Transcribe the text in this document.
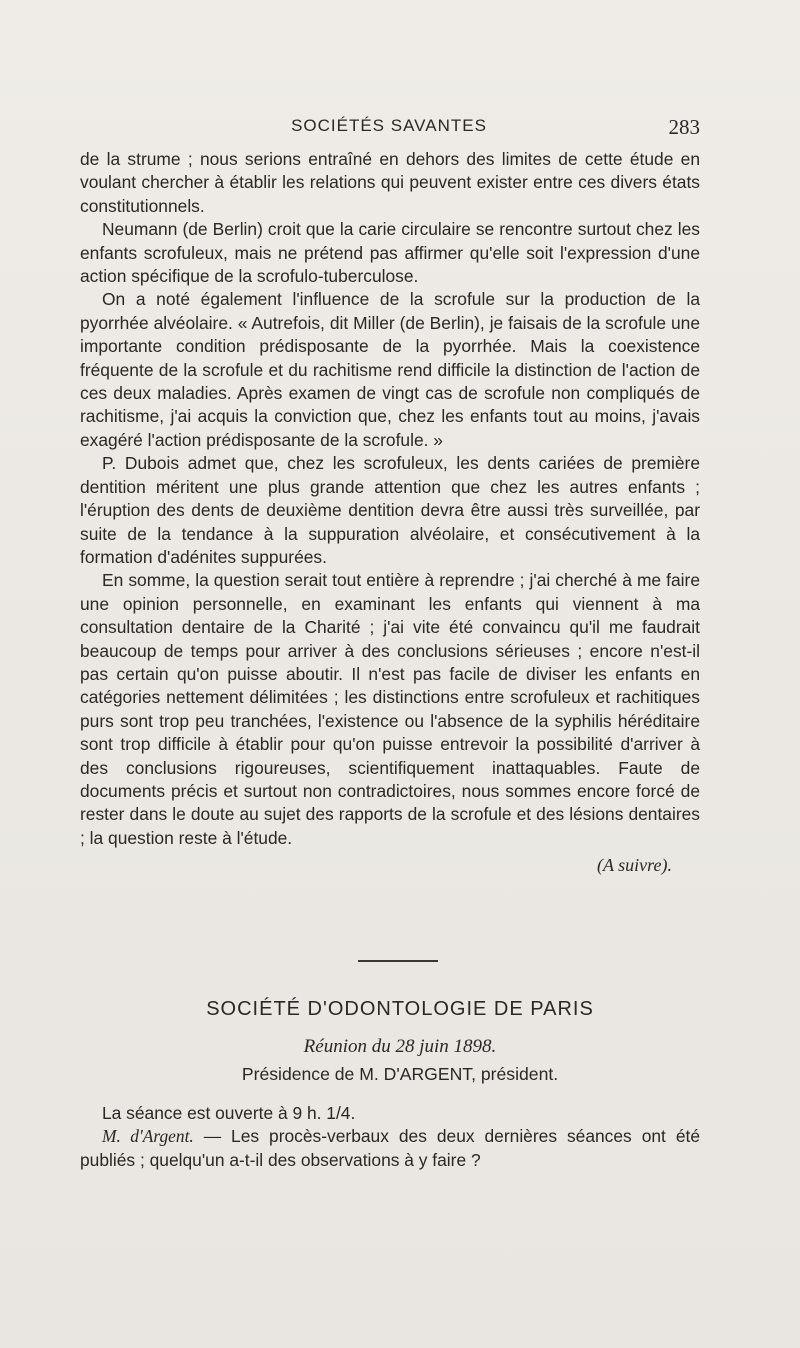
SOCIÉTÉS SAVANTES	283

de la strume ; nous serions entraîné en dehors des limites de cette étude en voulant chercher à établir les relations qui peuvent exister entre ces divers états constitutionnels.

Neumann (de Berlin) croit que la carie circulaire se rencontre surtout chez les enfants scrofuleux, mais ne prétend pas affirmer qu'elle soit l'expression d'une action spécifique de la scrofulo-tuberculose.

On a noté également l'influence de la scrofule sur la production de la pyorrhée alvéolaire. « Autrefois, dit Miller (de Berlin), je faisais de la scrofule une importante condition prédisposante de la pyorrhée. Mais la coexistence fréquente de la scrofule et du rachitisme rend difficile la distinction de l'action de ces deux maladies. Après examen de vingt cas de scrofule non compliqués de rachitisme, j'ai acquis la conviction que, chez les enfants tout au moins, j'avais exagéré l'action prédisposante de la scrofule. »

P. Dubois admet que, chez les scrofuleux, les dents cariées de première dentition méritent une plus grande attention que chez les autres enfants ; l'éruption des dents de deuxième dentition devra être aussi très surveillée, par suite de la tendance à la suppuration alvéolaire, et consécutivement à la formation d'adénites suppurées.

En somme, la question serait tout entière à reprendre ; j'ai cherché à me faire une opinion personnelle, en examinant les enfants qui viennent à ma consultation dentaire de la Charité ; j'ai vite été convaincu qu'il me faudrait beaucoup de temps pour arriver à des conclusions sérieuses ; encore n'est-il pas certain qu'on puisse aboutir. Il n'est pas facile de diviser les enfants en catégories nettement délimitées ; les distinctions entre scrofuleux et rachitiques purs sont trop peu tranchées, l'existence ou l'absence de la syphilis héréditaire sont trop difficile à établir pour qu'on puisse entrevoir la possibilité d'arriver à des conclusions rigoureuses, scientifiquement inattaquables. Faute de documents précis et surtout non contradictoires, nous sommes encore forcé de rester dans le doute au sujet des rapports de la scrofule et des lésions dentaires ; la question reste à l'étude.

(A suivre).

SOCIÉTÉ D'ODONTOLOGIE DE PARIS
Réunion du 28 juin 1898.
Présidence de M. D'ARGENT, président.

La séance est ouverte à 9 h. 1/4.

M. d'Argent. — Les procès-verbaux des deux dernières séances ont été publiés ; quelqu'un a-t-il des observations à y faire ?
